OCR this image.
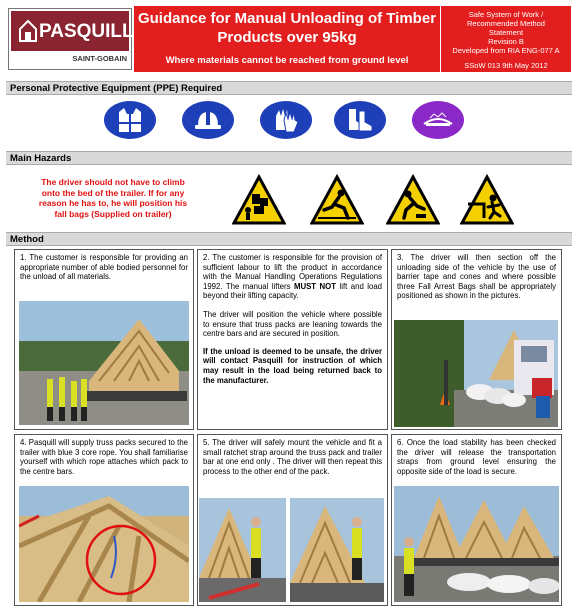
PASQUILL
SAINT-GOBAIN
Guidance for Manual Unloading of Timber
Products over 95kg
Where materials cannot be reached from ground level
Safe System of Work /
Recommended Method
Statement
Revision B
Developed from RIA ENG-077 A
SSoW 013 9th May 2012
Personal Protective Equipment (PPE) Required
Main Hazards
The driver should not have to climb
onto the bed of the trailer. If for any
reason he has to, he will position his
fall bags (Supplied on trailer)
Method
1. The customer is responsible for providing an appropriate number of able bodied personnel for the unload of all materials.
2. The customer is responsible for the provision of sufficient labour to lift the product in accordance with the Manual Handling Operations Regulations 1992. The manual lifters MUST NOT lift and load beyond their lifting capacity.
The driver will position the vehicle where possible to ensure that truss packs are leaning towards the centre bars and are secured in position.
If the unload is deemed to be unsafe, the driver will contact Pasquill for instruction of which may result in the load being returned back to the manufacturer.
3. The driver will then section off the unloading side of the vehicle by the use of barrier tape and cones and where possible three Fall Arrest Bags shall be appropriately positioned as shown in the pictures.
4. Pasquill will supply truss packs secured to the trailer with blue 3 core rope. You shall familiarise yourself with which rope attaches which pack to the centre bars.
5. The driver will safely mount the vehicle and fit a small ratchet strap around the truss pack and trailer bar at one end only . The driver will then repeat this process to the other end of the pack.
6. Once the load stability has been checked the driver will release the transportation straps from ground level ensuring the opposite side of the load is secure.
